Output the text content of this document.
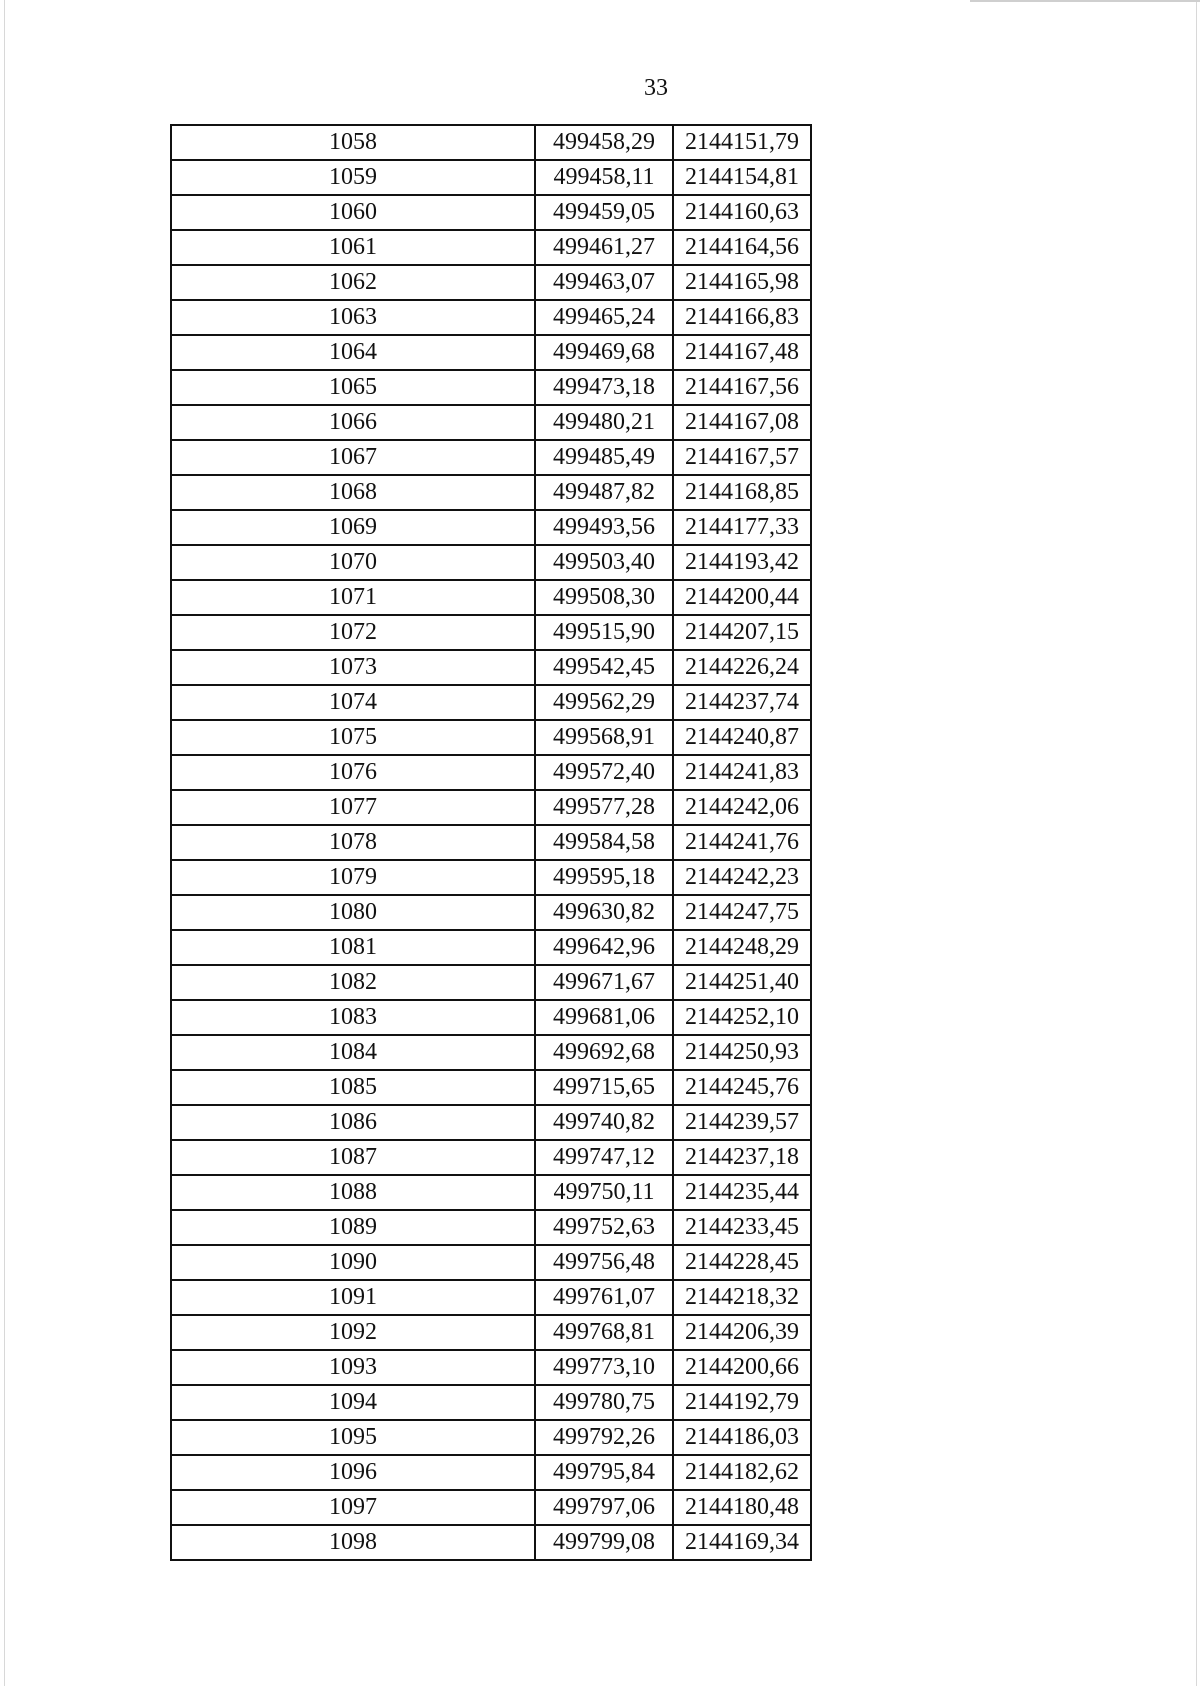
33
1058	499458,29	2144151,79
1059	499458,11	2144154,81
1060	499459,05	2144160,63
1061	499461,27	2144164,56
1062	499463,07	2144165,98
1063	499465,24	2144166,83
1064	499469,68	2144167,48
1065	499473,18	2144167,56
1066	499480,21	2144167,08
1067	499485,49	2144167,57
1068	499487,82	2144168,85
1069	499493,56	2144177,33
1070	499503,40	2144193,42
1071	499508,30	2144200,44
1072	499515,90	2144207,15
1073	499542,45	2144226,24
1074	499562,29	2144237,74
1075	499568,91	2144240,87
1076	499572,40	2144241,83
1077	499577,28	2144242,06
1078	499584,58	2144241,76
1079	499595,18	2144242,23
1080	499630,82	2144247,75
1081	499642,96	2144248,29
1082	499671,67	2144251,40
1083	499681,06	2144252,10
1084	499692,68	2144250,93
1085	499715,65	2144245,76
1086	499740,82	2144239,57
1087	499747,12	2144237,18
1088	499750,11	2144235,44
1089	499752,63	2144233,45
1090	499756,48	2144228,45
1091	499761,07	2144218,32
1092	499768,81	2144206,39
1093	499773,10	2144200,66
1094	499780,75	2144192,79
1095	499792,26	2144186,03
1096	499795,84	2144182,62
1097	499797,06	2144180,48
1098	499799,08	2144169,34
